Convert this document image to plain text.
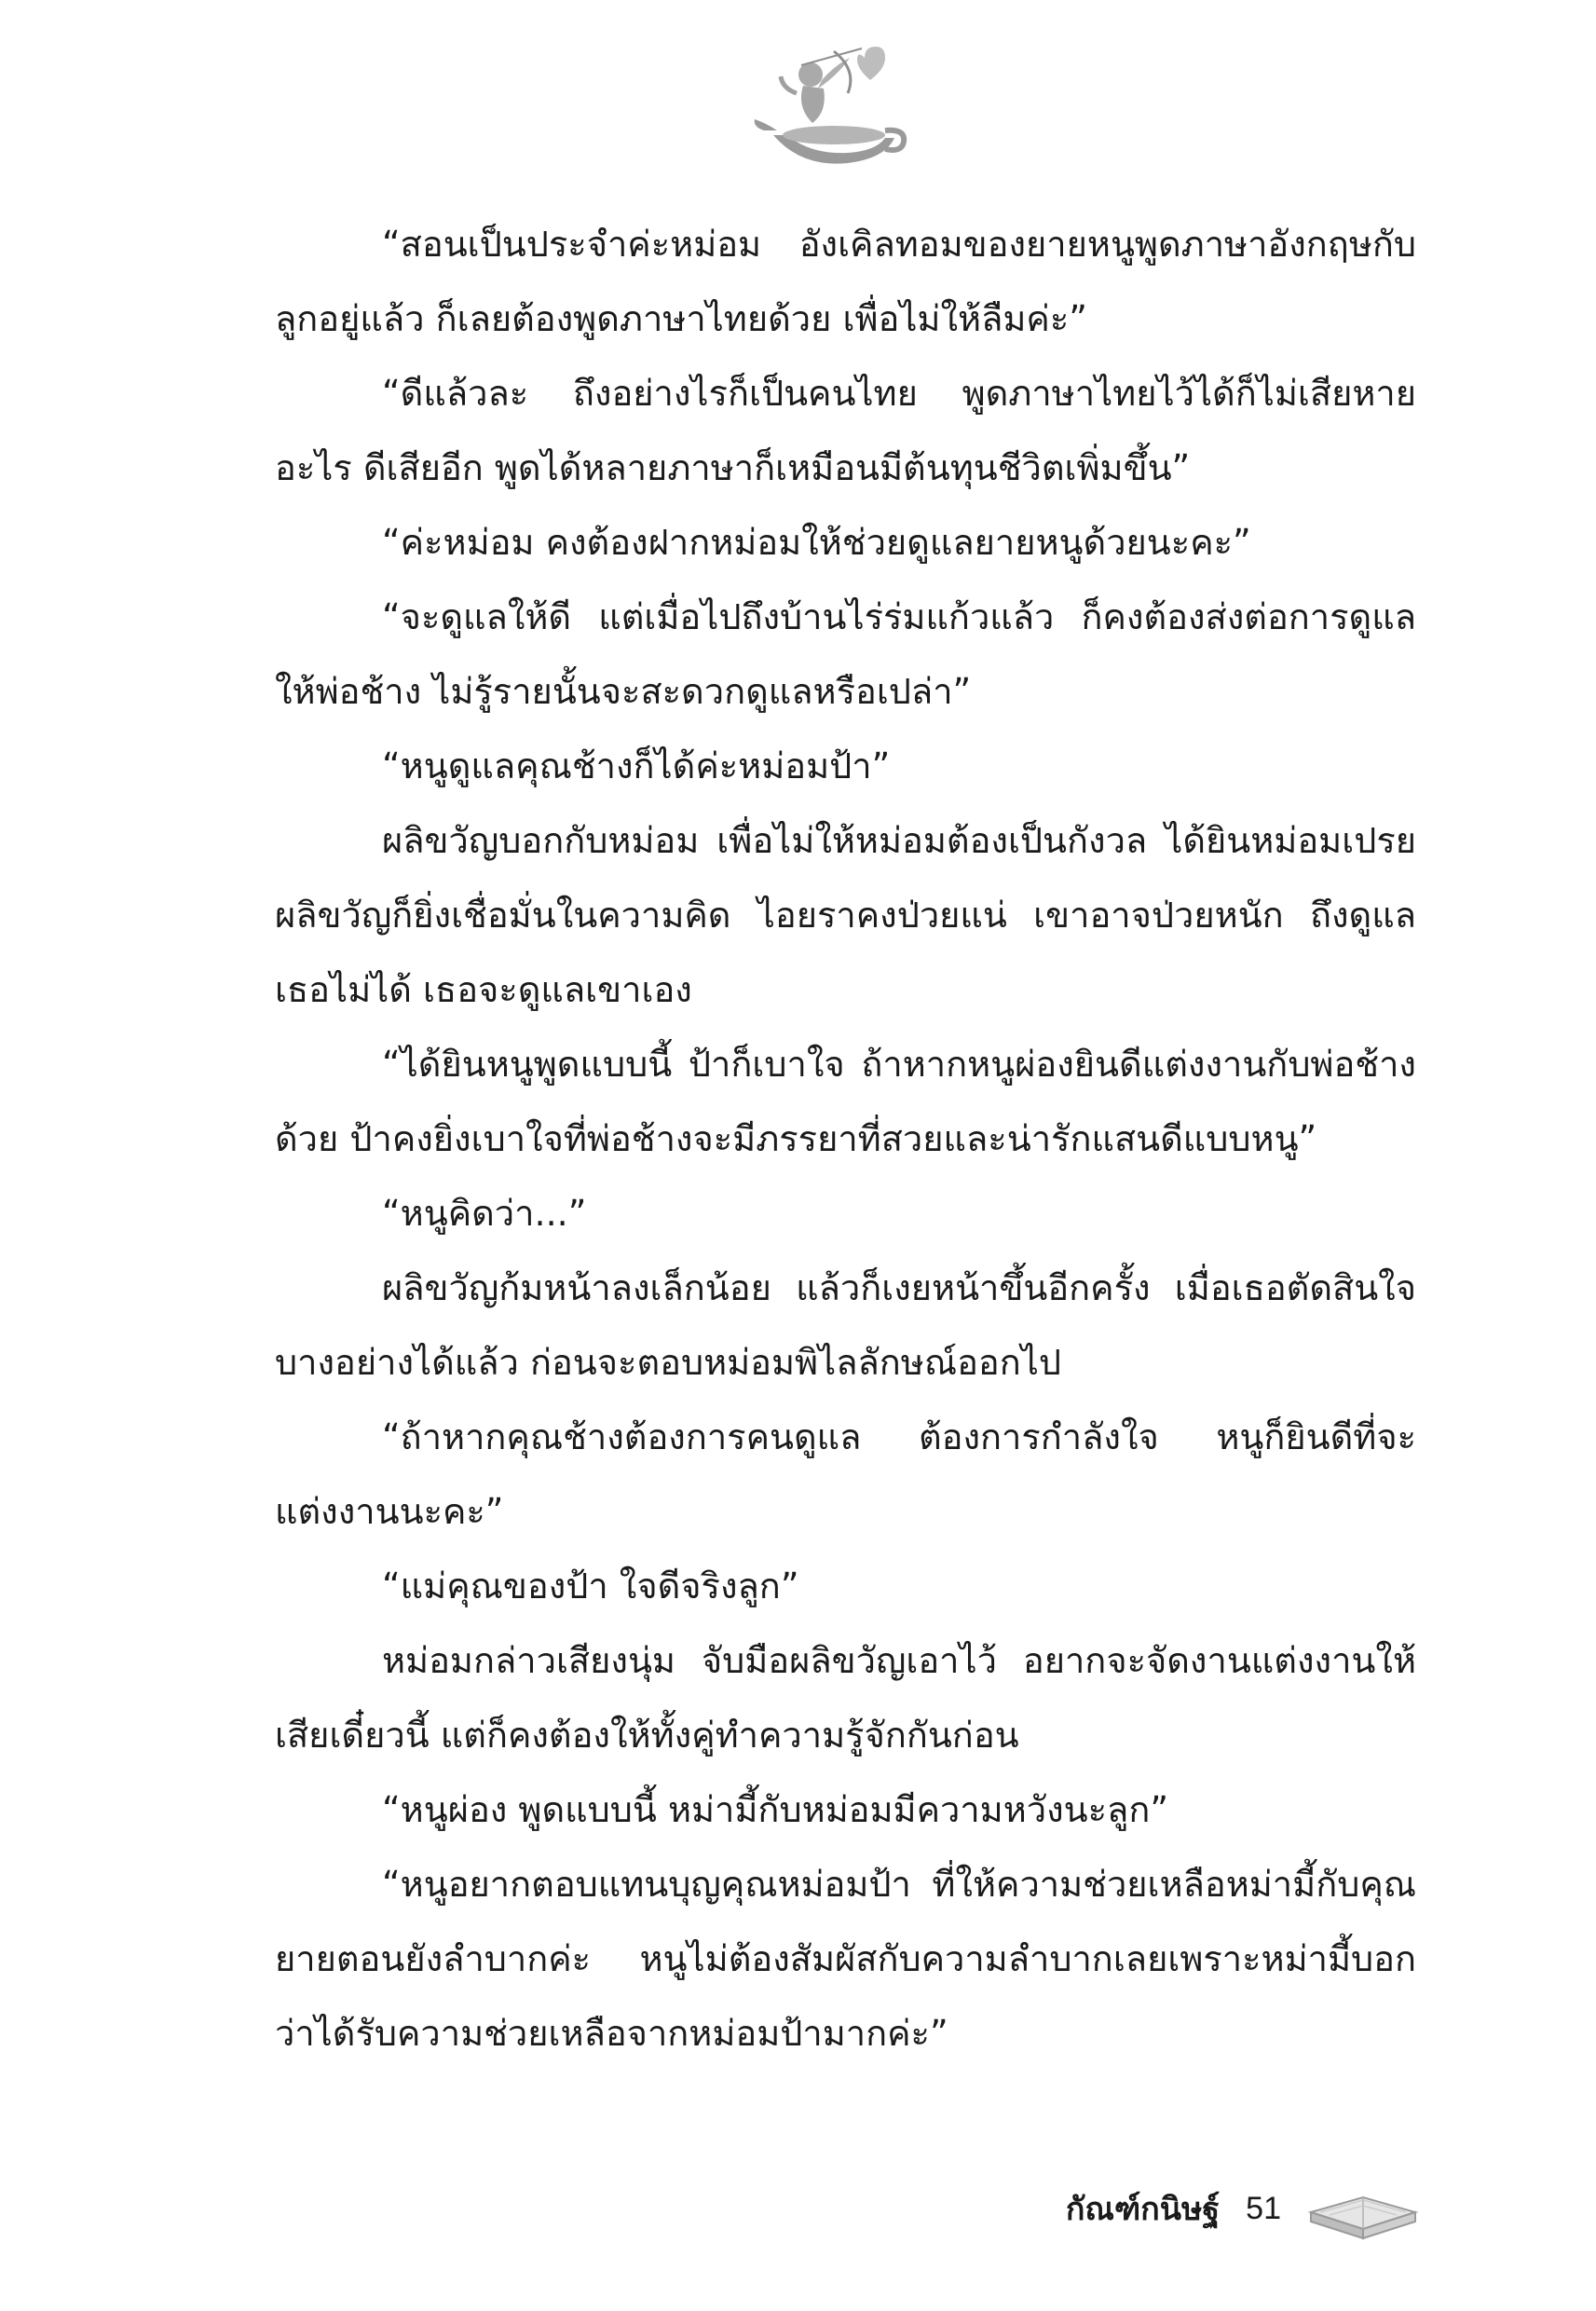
“สอนเป็นประจำค่ะหม่อม อังเคิลทอมของยายหนูพูดภาษาอังกฤษกับลูกอยู่แล้ว ก็เลยต้องพูดภาษาไทยด้วย เพื่อไม่ให้ลืมค่ะ”

“ดีแล้วละ ถึงอย่างไรก็เป็นคนไทย พูดภาษาไทยไว้ได้ก็ไม่เสียหายอะไร ดีเสียอีก พูดได้หลายภาษาก็เหมือนมีต้นทุนชีวิตเพิ่มขึ้น”

“ค่ะหม่อม คงต้องฝากหม่อมให้ช่วยดูแลยายหนูด้วยนะคะ”

“จะดูแลให้ดี แต่เมื่อไปถึงบ้านไร่ร่มแก้วแล้ว ก็คงต้องส่งต่อการดูแลให้พ่อช้าง ไม่รู้รายนั้นจะสะดวกดูแลหรือเปล่า”

“หนูดูแลคุณช้างก็ได้ค่ะหม่อมป้า”

ผลิขวัญบอกกับหม่อม เพื่อไม่ให้หม่อมต้องเป็นกังวล ได้ยินหม่อมเปรย ผลิขวัญก็ยิ่งเชื่อมั่นในความคิด ไอยราคงป่วยแน่ เขาอาจป่วยหนัก ถึงดูแลเธอไม่ได้ เธอจะดูแลเขาเอง

“ได้ยินหนูพูดแบบนี้ ป้าก็เบาใจ ถ้าหากหนูผ่องยินดีแต่งงานกับพ่อช้างด้วย ป้าคงยิ่งเบาใจที่พ่อช้างจะมีภรรยาที่สวยและน่ารักแสนดีแบบหนู”

“หนูคิดว่า...”

ผลิขวัญก้มหน้าลงเล็กน้อย แล้วก็เงยหน้าขึ้นอีกครั้ง เมื่อเธอตัดสินใจบางอย่างได้แล้ว ก่อนจะตอบหม่อมพิไลลักษณ์ออกไป

“ถ้าหากคุณช้างต้องการคนดูแล ต้องการกำลังใจ หนูก็ยินดีที่จะแต่งงานนะคะ”

“แม่คุณของป้า ใจดีจริงลูก”

หม่อมกล่าวเสียงนุ่ม จับมือผลิขวัญเอาไว้ อยากจะจัดงานแต่งงานให้เสียเดี๋ยวนี้ แต่ก็คงต้องให้ทั้งคู่ทำความรู้จักกันก่อน

“หนูผ่อง พูดแบบนี้ หม่ามี้กับหม่อมมีความหวังนะลูก”

“หนูอยากตอบแทนบุญคุณหม่อมป้า ที่ให้ความช่วยเหลือหม่ามี้กับคุณยายตอนยังลำบากค่ะ หนูไม่ต้องสัมผัสกับความลำบากเลยเพราะหม่ามี้บอกว่าได้รับความช่วยเหลือจากหม่อมป้ามากค่ะ”

กัณฑ์กนิษฐ์ 51
